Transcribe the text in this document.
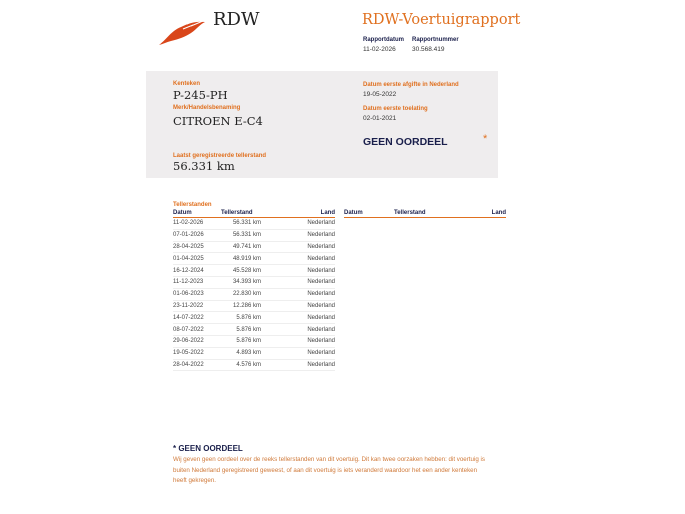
RDW	RDW-Voertuigrapport
Rapportdatum
11-02-2026
Rapportnummer
30.568.419
Kenteken
P-245-PH
Merk/Handelsbenaming
CITROEN E-C4
Laatst geregistreerde tellerstand
56.331 km
Datum eerste afgifte in Nederland
19-05-2022
Datum eerste toelating
02-01-2021
GEEN OORDEEL	*
Tellerstanden
Datum	Tellerstand	Land
11-02-2026	56.331 km	Nederland
07-01-2026	56.331 km	Nederland
28-04-2025	49.741 km	Nederland
01-04-2025	48.919 km	Nederland
16-12-2024	45.528 km	Nederland
11-12-2023	34.393 km	Nederland
01-06-2023	22.830 km	Nederland
23-11-2022	12.286 km	Nederland
14-07-2022	5.876 km	Nederland
08-07-2022	5.876 km	Nederland
29-06-2022	5.876 km	Nederland
19-05-2022	4.893 km	Nederland
28-04-2022	4.576 km	Nederland
Datum	Tellerstand	Land
* GEEN OORDEEL
Wij geven geen oordeel over de reeks tellerstanden van dit voertuig. Dit kan twee oorzaken hebben: dit voertuig is buiten Nederland geregistreerd geweest, of aan dit voertuig is iets veranderd waardoor het een ander kenteken heeft gekregen.
